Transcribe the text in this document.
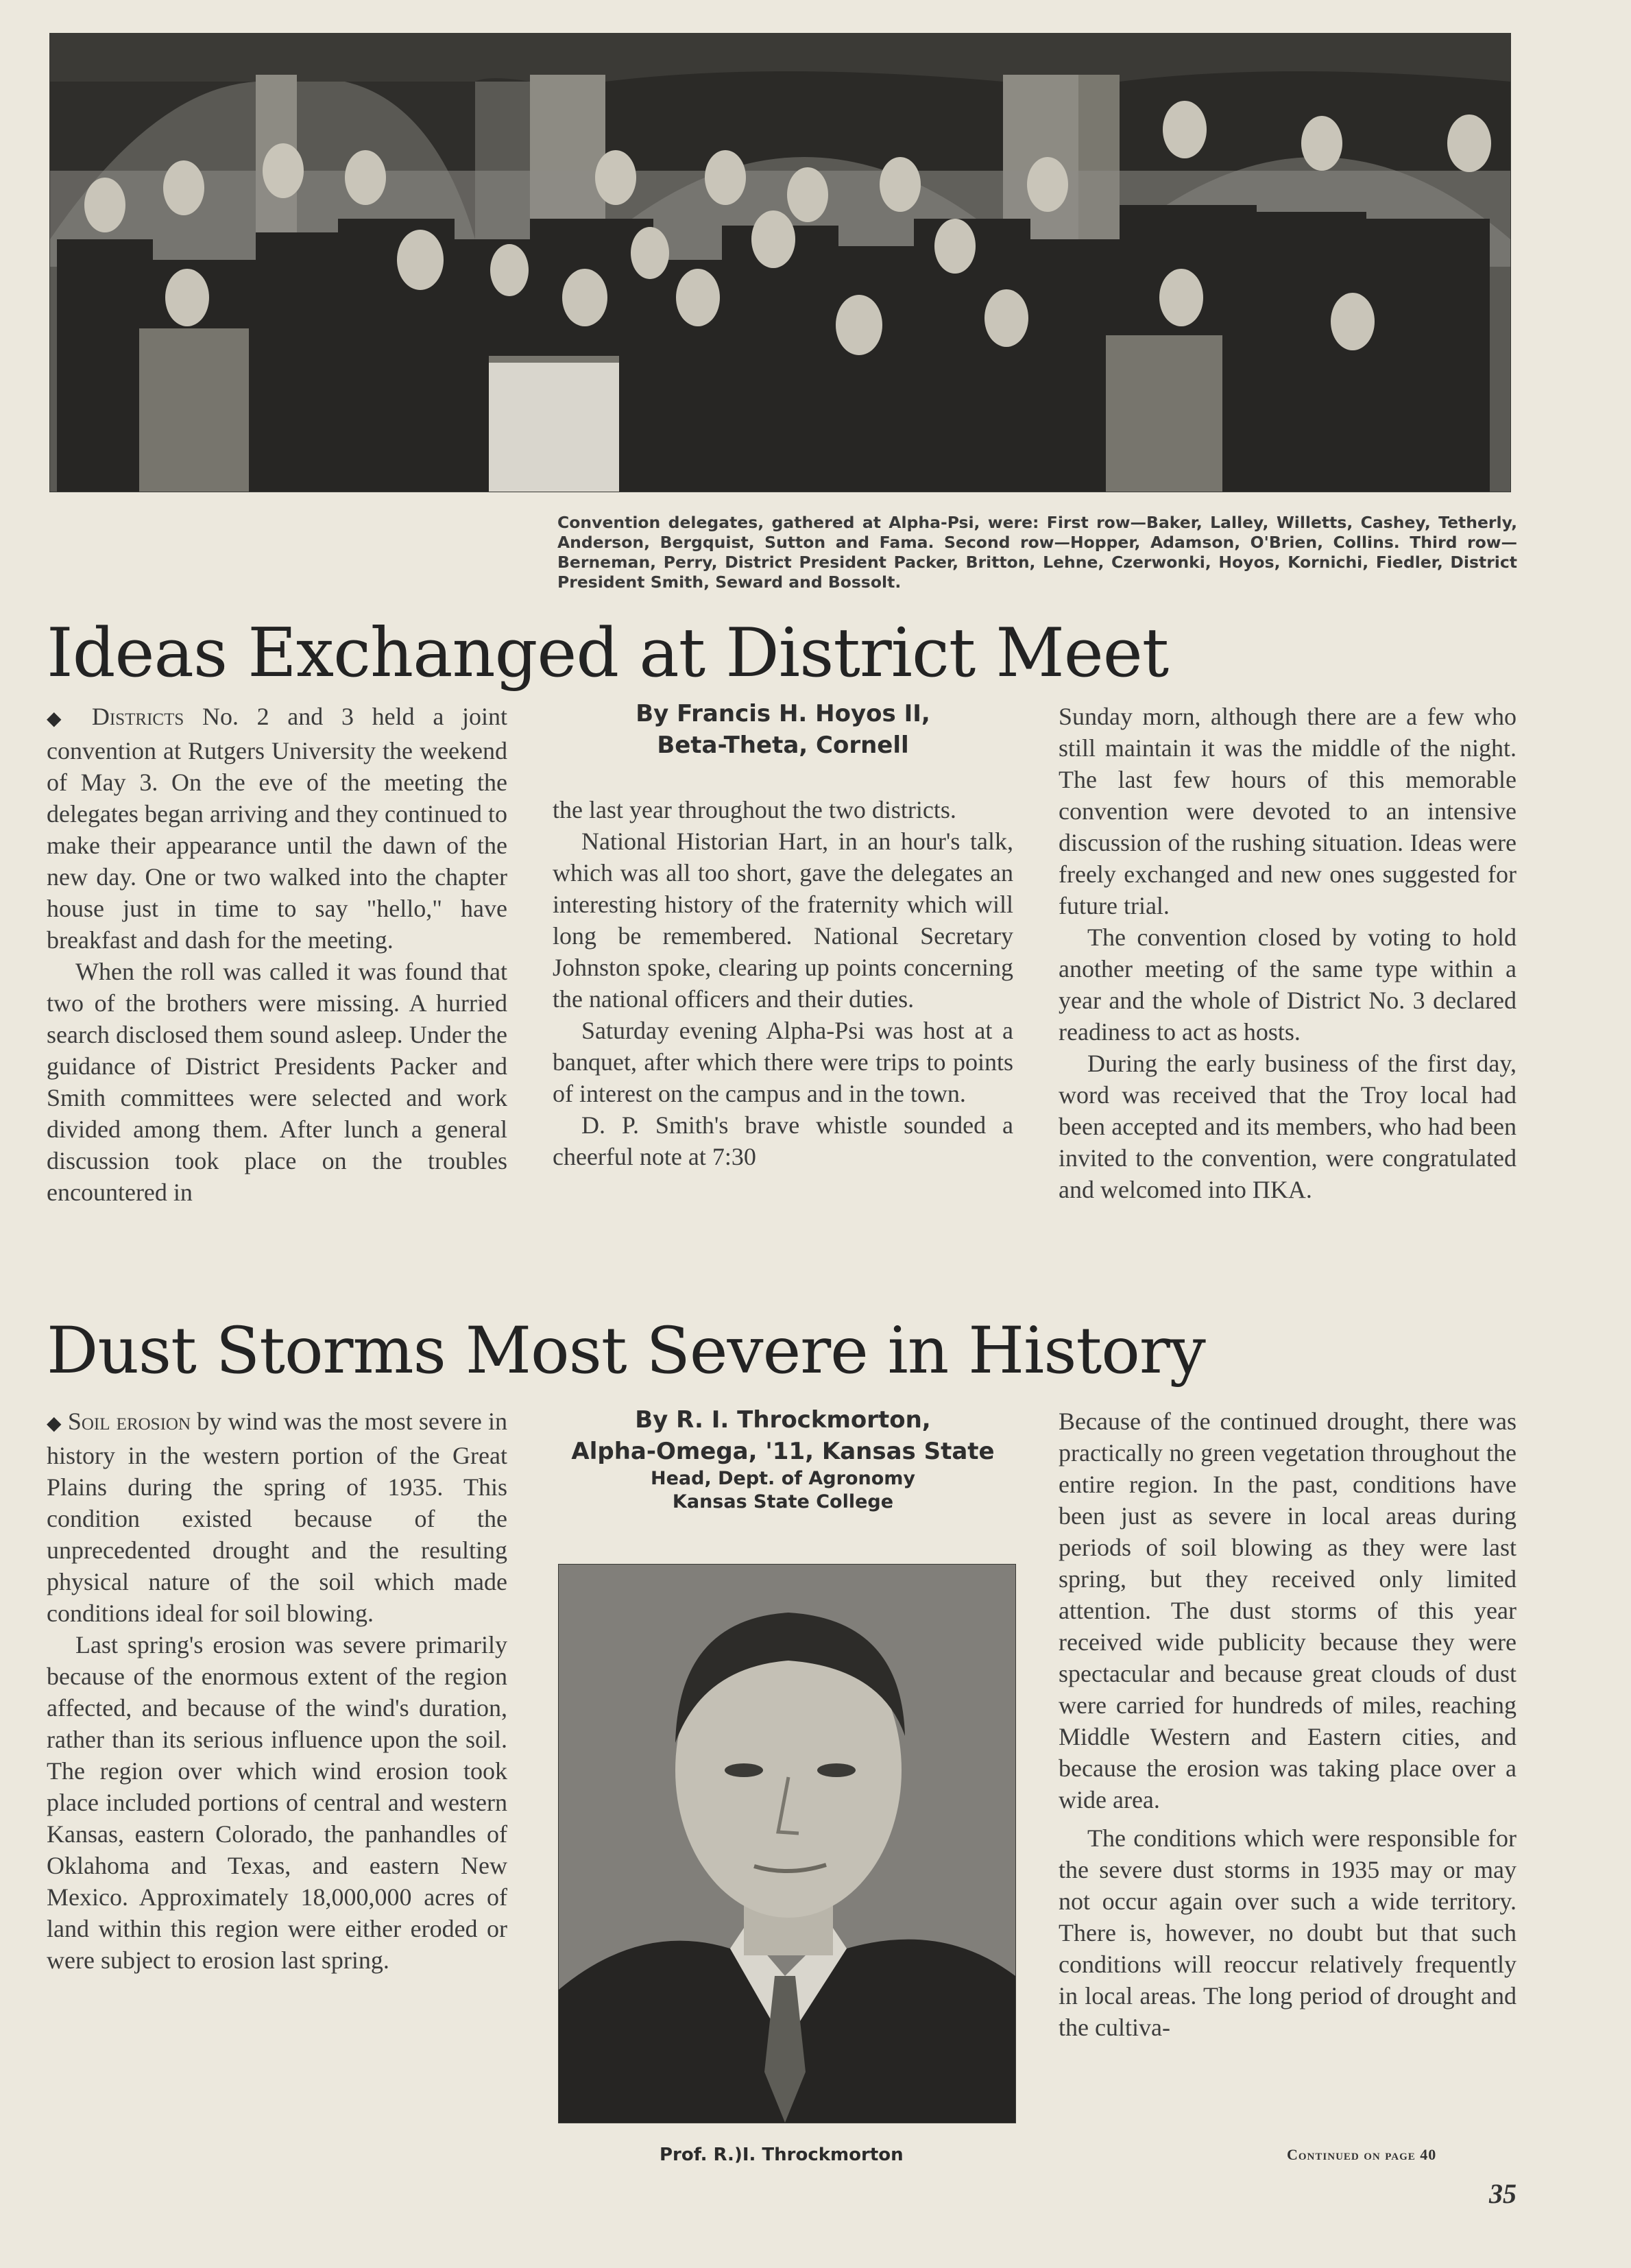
Convention delegates, gathered at Alpha-Psi, were: First row—Baker, Lalley, Willetts, Cashey, Tetherly, Anderson, Bergquist, Sutton and Fama. Second row—Hopper, Adamson, O'Brien, Collins. Third row—Berneman, Perry, District President Packer, Britton, Lehne, Czerwonki, Hoyos, Kornichi, Fiedler, District President Smith, Seward and Bossolt.

Ideas Exchanged at District Meet

◆ Districts No. 2 and 3 held a joint convention at Rutgers University the weekend of May 3. On the eve of the meeting the delegates began arriving and they continued to make their appearance until the dawn of the new day. One or two walked into the chapter house just in time to say "hello," have breakfast and dash for the meeting.

When the roll was called it was found that two of the brothers were missing. A hurried search disclosed them sound asleep. Under the guidance of District Presidents Packer and Smith committees were selected and work divided among them. After lunch a general discussion took place on the troubles encountered in

By Francis H. Hoyos II,
Beta-Theta, Cornell

the last year throughout the two districts.

National Historian Hart, in an hour's talk, which was all too short, gave the delegates an interesting history of the fraternity which will long be remembered. National Secretary Johnston spoke, clearing up points concerning the national officers and their duties.

Saturday evening Alpha-Psi was host at a banquet, after which there were trips to points of interest on the campus and in the town.

D. P. Smith's brave whistle sounded a cheerful note at 7:30

Sunday morn, although there are a few who still maintain it was the middle of the night. The last few hours of this memorable convention were devoted to an intensive discussion of the rushing situation. Ideas were freely exchanged and new ones suggested for future trial.

The convention closed by voting to hold another meeting of the same type within a year and the whole of District No. 3 declared readiness to act as hosts.

During the early business of the first day, word was received that the Troy local had been accepted and its members, who had been invited to the convention, were congratulated and welcomed into ΠΚΑ.

Dust Storms Most Severe in History

◆ Soil erosion by wind was the most severe in history in the western portion of the Great Plains during the spring of 1935. This condition existed because of the unprecedented drought and the resulting physical nature of the soil which made conditions ideal for soil blowing.

Last spring's erosion was severe primarily because of the enormous extent of the region affected, and because of the wind's duration, rather than its serious influence upon the soil. The region over which wind erosion took place included portions of central and western Kansas, eastern Colorado, the panhandles of Oklahoma and Texas, and eastern New Mexico. Approximately 18,000,000 acres of land within this region were either eroded or were subject to erosion last spring.

By R. I. Throckmorton,
Alpha-Omega, '11, Kansas State
Head, Dept. of Agronomy
Kansas State College
Prof. R.)I. Throckmorton

Because of the continued drought, there was practically no green vegetation throughout the entire region. In the past, conditions have been just as severe in local areas during periods of soil blowing as they were last spring, but they received only limited attention. The dust storms of this year received wide publicity because they were spectacular and because great clouds of dust were carried for hundreds of miles, reaching Middle Western and Eastern cities, and because the erosion was taking place over a wide area.

The conditions which were responsible for the severe dust storms in 1935 may or may not occur again over such a wide territory. There is, however, no doubt but that such conditions will reoccur relatively frequently in local areas. The long period of drought and the cultiva-

Continued on page 40
35
